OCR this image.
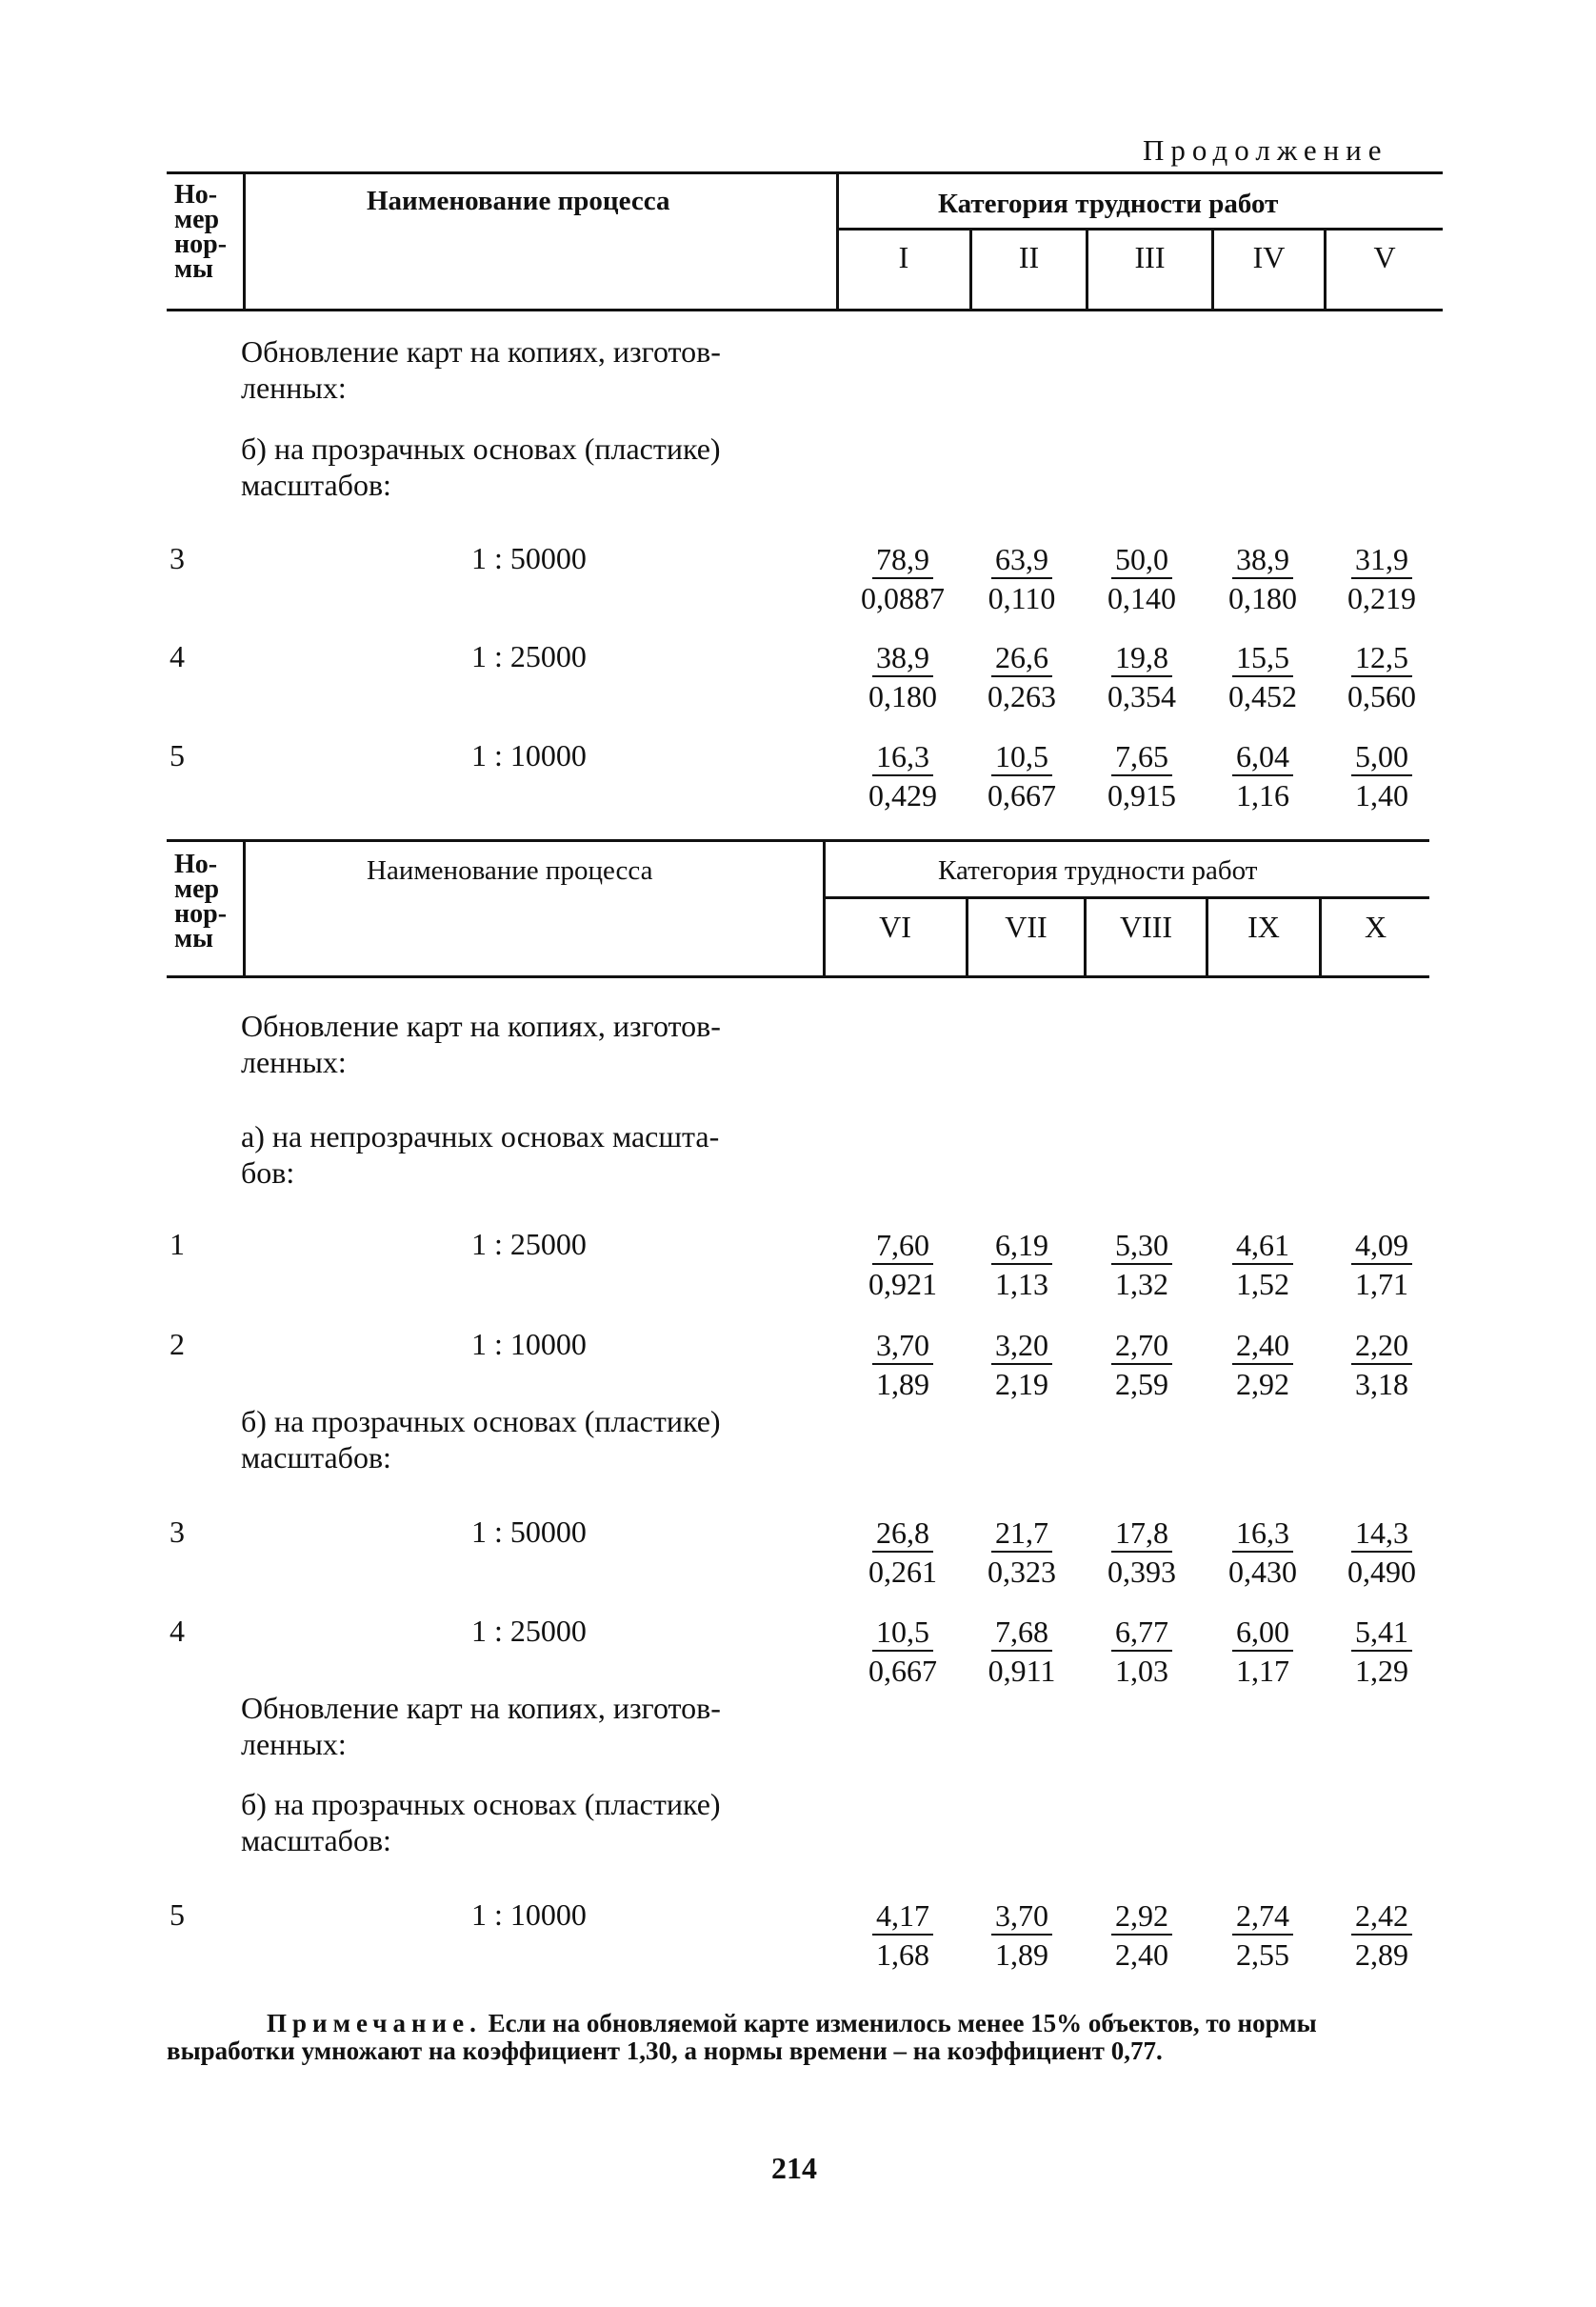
Продолжение
Но-
мер
нор-
мы
Наименование процесса	Категория трудности работ
I	II	III	IV	V
Обновление карт на копиях, изготов-
ленных:
б) на прозрачных основах (пластике)
масштабов:
3	1 : 50000	$\frac{78,9}{0,0887} \frac{63,9}{0,110} \frac{50,0}{0,140} \frac{38,9}{0,180} \frac{31,9}{0,219}$
4	1 : 25000	$\frac{38,9}{0,180} \frac{26,6}{0,263} \frac{19,8}{0,354} \frac{15,5}{0,452} \frac{12,5}{0,560}$
5	1 : 10000	$\frac{16,3}{0,429} \frac{10,5}{0,667} \frac{7,65}{0,915} \frac{6,04}{1,16} \frac{5,00}{1,40}$
Но-
мер
нор-
мы
Наименование процесса	Категория трудности работ
VI	VII	VIII	IX	X
Обновление карт на копиях, изготов-
ленных:
а) на непрозрачных основах масшта-
бов:
1	1 : 25000	$\frac{7,60}{0,921} \frac{6,19}{1,13} \frac{5,30}{1,32} \frac{4,61}{1,52} \frac{4,09}{1,71}$
2	1 : 10000	$\frac{3,70}{1,89} \frac{3,20}{2,19} \frac{2,70}{2,59} \frac{2,40}{2,92} \frac{2,20}{3,18}$
б) на прозрачных основах (пластике)
масштабов:
3	1 : 50000	$\frac{26,8}{0,261} \frac{21,7}{0,323} \frac{17,8}{0,393} \frac{16,3}{0,430} \frac{14,3}{0,490}$
4	1 : 25000	$\frac{10,5}{0,667} \frac{7,68}{0,911} \frac{6,77}{1,03} \frac{6,00}{1,17} \frac{5,41}{1,29}$
Обновление карт на копиях, изготов-
ленных:
б) на прозрачных основах (пластике)
масштабов:
5	1 : 10000	$\frac{4,17}{1,68} \frac{3,70}{1,89} \frac{2,92}{2,40} \frac{2,74}{2,55} \frac{2,42}{2,89}$
Примечание. Если на обновляемой карте изменилось менее 15% объектов, то нормы выработки умножают на коэффициент 1,30, а нормы времени – на коэффициент 0,77.
214
